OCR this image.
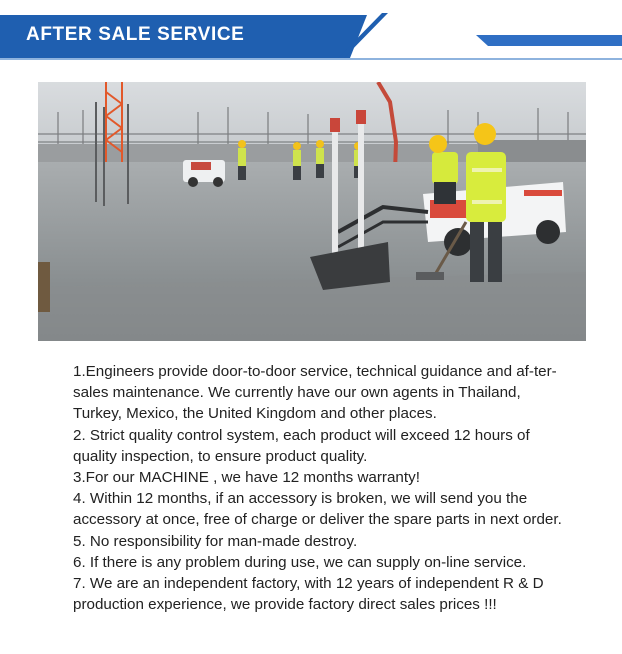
AFTER SALE SERVICE
1.Engineers provide door-to-door service, technical guidance and af-ter-sales maintenance. We currently have our own agents in Thailand, Turkey, Mexico, the United Kingdom and other places.
2. Strict quality control system, each product will exceed 12 hours of quality inspection, to ensure product quality.
3.For our MACHINE , we have 12 months warranty!
4. Within 12 months, if an accessory is broken, we will send you the accessory at once, free of charge or deliver the spare parts in next order.
5. No responsibility for man-made destroy.
6. If there is any problem during use, we can supply on-line service.
7. We are an independent factory, with 12 years of independent R & D production experience, we provide factory direct sales prices !!!
